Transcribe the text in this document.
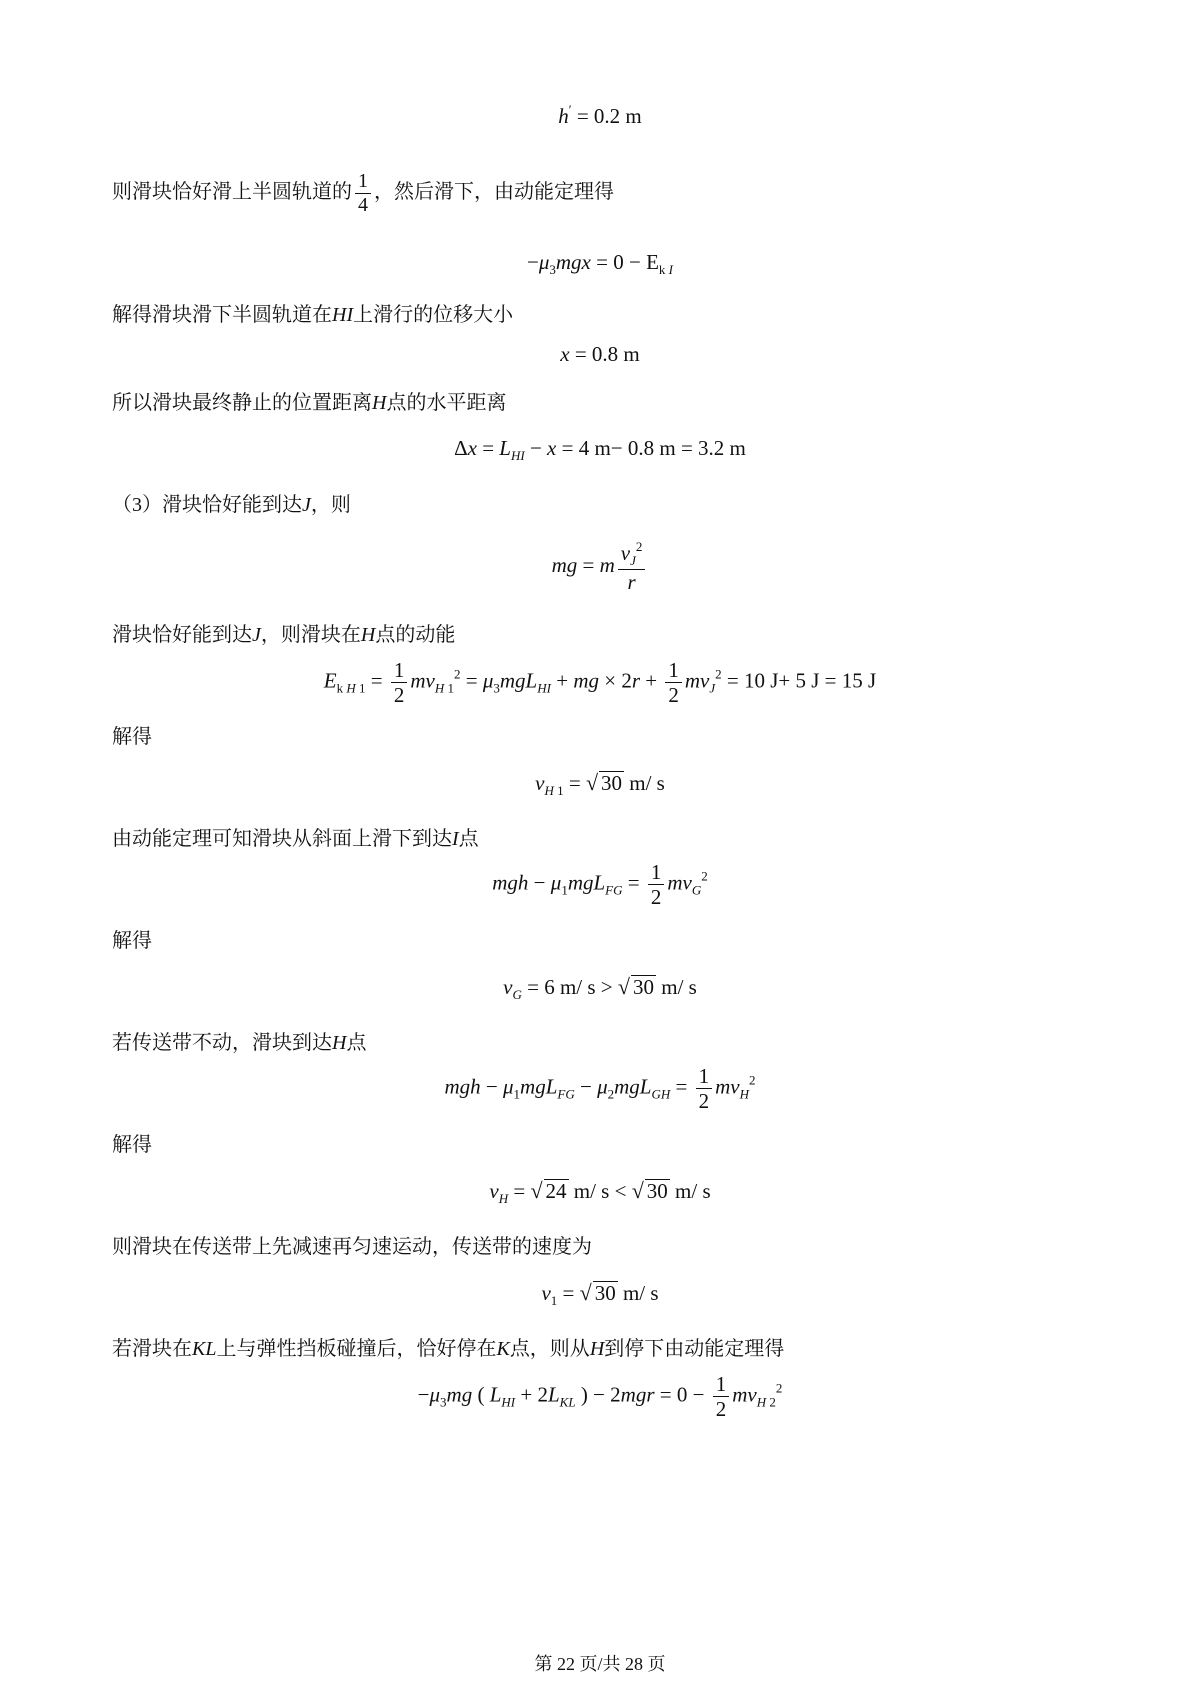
h′ = 0.2 m
则滑块恰好滑上半圆轨道的 $\frac{1}{4}$ ，然后滑下，由动能定理得
$-\mu_3mgx = 0 - E_{k I}$
解得滑块滑下半圆轨道在HI上滑行的位移大小
x = 0.8 m
所以滑块最终静止的位置距离H点的水平距离
$\Delta x = L_{HI} - x = 4$ m− 0.8 m = 3.2 m
（3）滑块恰好能到达J，则
mg = m $\frac{v_J^2}{r}$
滑块恰好能到达J，则滑块在H点的动能
$E_{k H 1} = \frac{1}{2} mv_{H 1}^2 = \mu_3mgL_{HI}$ + mg × $2r + \frac{1}{2} mv_J^2 = 10$ J+ 5 J = 15 J
解得
$v_{H 1}$ = √ 30 m/ s
由动能定理可知滑块从斜面上滑下到达I点
mgh − $\mu_1mgL_{FG} = \frac{1}{2} mv_G^2$
解得
$v_G = 6$ m/ s > √ 30 m/ s
若传送带不动，滑块到达H点
mgh − $\mu_1mgL_{FG} - \mu_2mgL_{GH} = \frac{1}{2} mv_H^2$
解得
$v_H$ = √ 24 m/ s < √ 30 m/ s
则滑块在传送带上先减速再匀速运动，传送带的速度为
$v_1$ = √ 30 m/ s
若滑块在KL上与弹性挡板碰撞后，恰好停在K点，则从H到停下由动能定理得
$-\mu_3mg$ ( $L_{HI} + 2L_{KL}$ ) − $2mgr = 0 - \frac{1}{2} mv_{H 2}^2$
第 22 页/共 28 页
